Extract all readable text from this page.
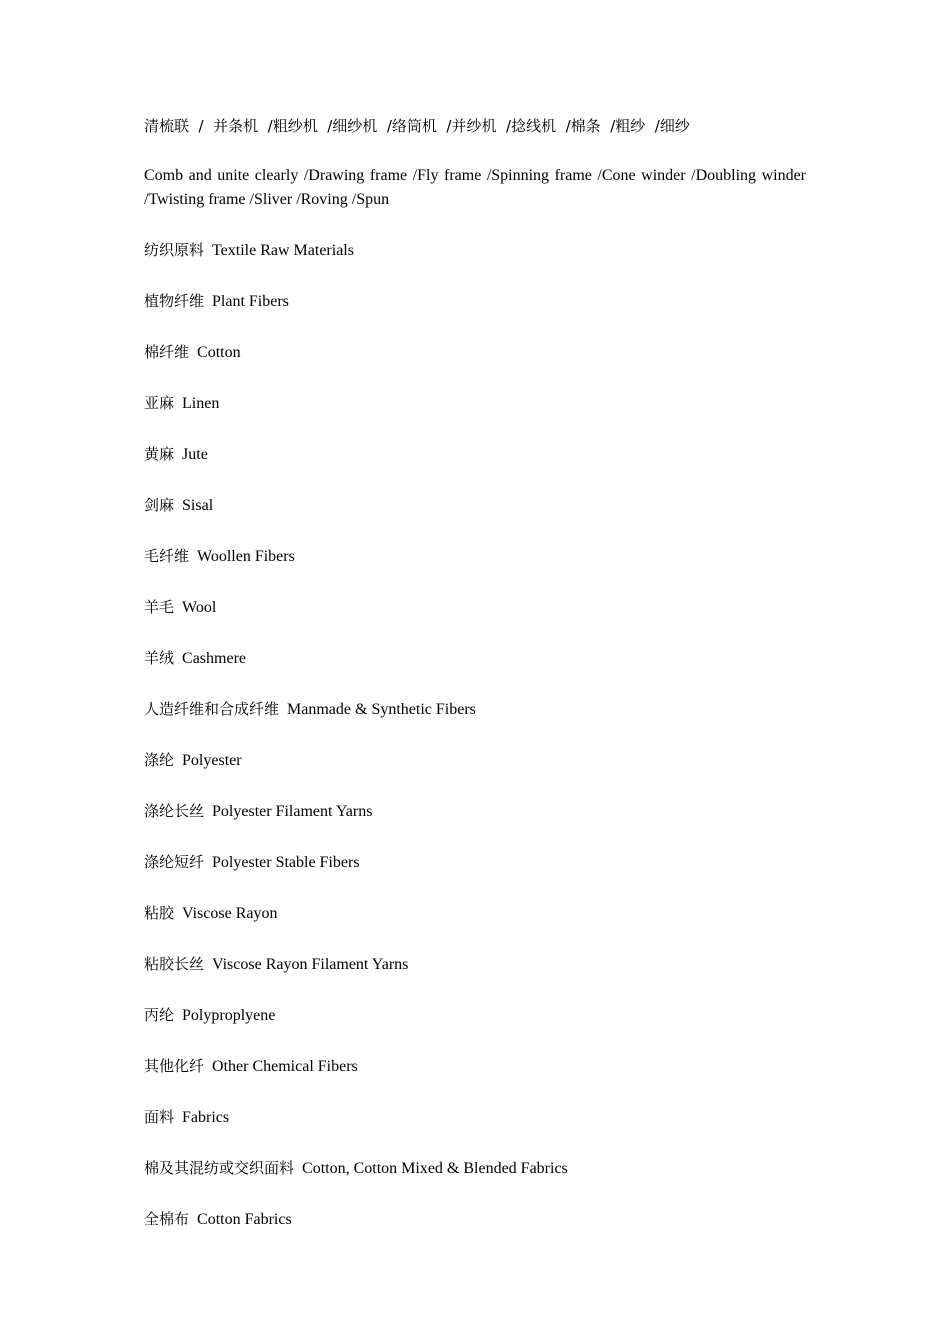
清梳联  /  并条机  /粗纱机  /细纱机  /络筒机  /并纱机  /捻线机  /棉条  /粗纱  /细纱

Comb and unite clearly /Drawing frame /Fly frame /Spinning frame /Cone winder /Doubling winder /Twisting frame /Sliver /Roving /Spun

纺织原料 Textile Raw Materials

植物纤维 Plant Fibers

棉纤维 Cotton

亚麻 Linen

黄麻 Jute

剑麻 Sisal

毛纤维 Woollen Fibers

羊毛 Wool

羊绒 Cashmere

人造纤维和合成纤维 Manmade & Synthetic Fibers

涤纶 Polyester

涤纶长丝 Polyester Filament Yarns

涤纶短纤 Polyester Stable Fibers

粘胶 Viscose Rayon

粘胶长丝 Viscose Rayon Filament Yarns

丙纶 Polyproplyene

其他化纤 Other Chemical Fibers

面料 Fabrics

棉及其混纺或交织面料 Cotton, Cotton Mixed & Blended Fabrics

全棉布 Cotton Fabrics
